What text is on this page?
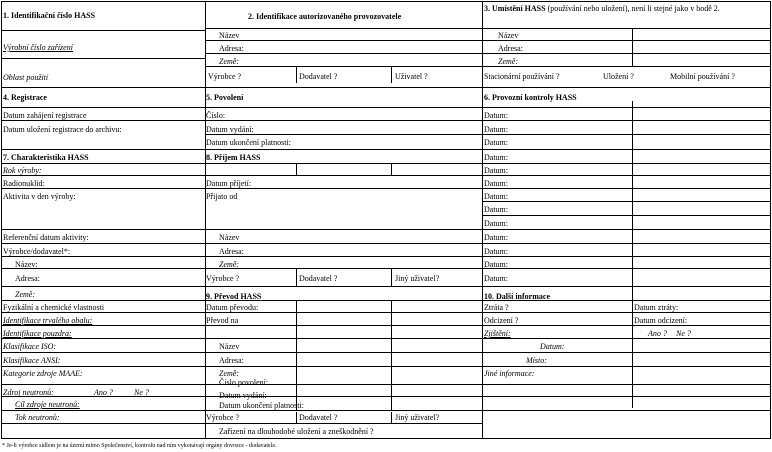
1. Identifikační číslo HASS
Výrobní číslo zařízení
Oblast použití
2. Identifikace autorizovaného provozovatele
Název
Adresa:
Země:
Výrobce ?	Dodavatel ?	Uživatel ?
3. Umístění HASS (používání nebo uložení), není li stejné jako v bodě 2.
Název
Adresa:
Země:
Stacionární používání ?	Uložení ?	Mobilní používání ?
4. Registrace
Datum zahájení registrace
Datum uložení registrace do archivu:
5. Povolení
Číslo:
Datum vydání:
Datum ukončení platnosti:
6. Provozní kontroly HASS
Datum:
Datum:
Datum:
Datum:
Datum:
Datum:
Datum:
Datum:
Datum:
Datum:
Datum:
Datum:
Datum:
7. Charakteristika HASS
Rok výroby:
Radionuklid:
Aktivita v den výroby:
Referenční datum aktivity:
Výrobce/dodavatel*:
Název:
Adresa:
Země:
Fyzikální a chemické vlastnosti
Identifikace trvalého obalu:
Identifikace pouzdra:
Klasifikace ISO:
Klasifikace ANSI:
Kategorie zdroje MAAE:
Zdroj neutronů:	Ano ?	Ne ?
Cíl zdroje neutronů:
Tok neutronů:
8. Příjem HASS
Datum příjetí:
Přijato od
Název
Adresa:
Země:
Výrobce ?	Dodavatel ?	Jiný uživatel?
9. Převod HASS
Datum převodu:
Převod na
Název
Adresa:
Země:
Číslo povolení:
Datum vydání:
Datum ukončení platnosti:
Výrobce ?	Dodavatel ?	Jiný uživatel?
Zařízení na dlouhodobé uložení a zneškodnění ?
10. Další informace
Ztráta ?	Datum ztráty:
Odcizení ?	Datum odcizení:
Zjištění:	Ano ? Ne ?
Datum:
Místo:
Jiné informace:
* Je-li výrobce sídlem je na území mimo Společenství, kontrolu nad ním vykonávají orgány dovozce - dodavatele.
